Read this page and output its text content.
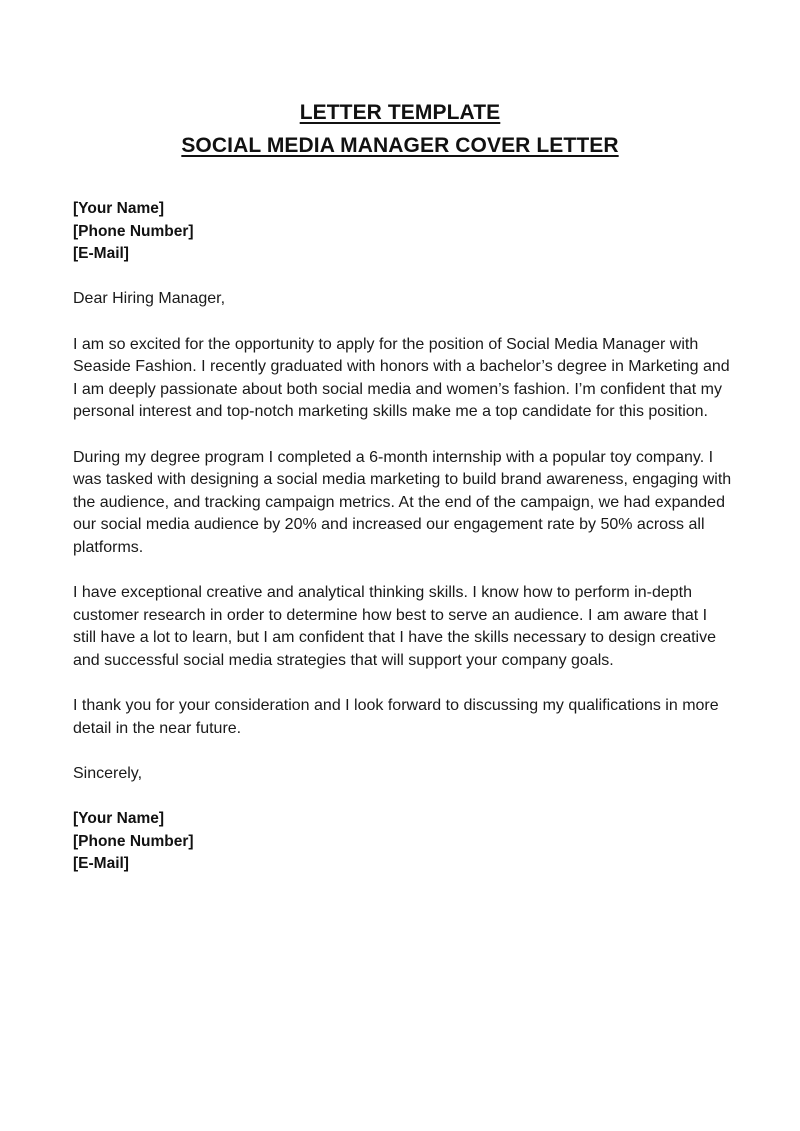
LETTER TEMPLATE
SOCIAL MEDIA MANAGER COVER LETTER
[Your Name]
[Phone Number]
[E-Mail]

Dear Hiring Manager,

I am so excited for the opportunity to apply for the position of Social Media Manager with Seaside Fashion. I recently graduated with honors with a bachelor’s degree in Marketing and I am deeply passionate about both social media and women’s fashion. I’m confident that my personal interest and top-notch marketing skills make me a top candidate for this position.

During my degree program I completed a 6-month internship with a popular toy company. I was tasked with designing a social media marketing to build brand awareness, engaging with the audience, and tracking campaign metrics. At the end of the campaign, we had expanded our social media audience by 20% and increased our engagement rate by 50% across all platforms.

I have exceptional creative and analytical thinking skills. I know how to perform in-depth customer research in order to determine how best to serve an audience. I am aware that I still have a lot to learn, but I am confident that I have the skills necessary to design creative and successful social media strategies that will support your company goals.

I thank you for your consideration and I look forward to discussing my qualifications in more detail in the near future.

Sincerely,

[Your Name]
[Phone Number]
[E-Mail]
